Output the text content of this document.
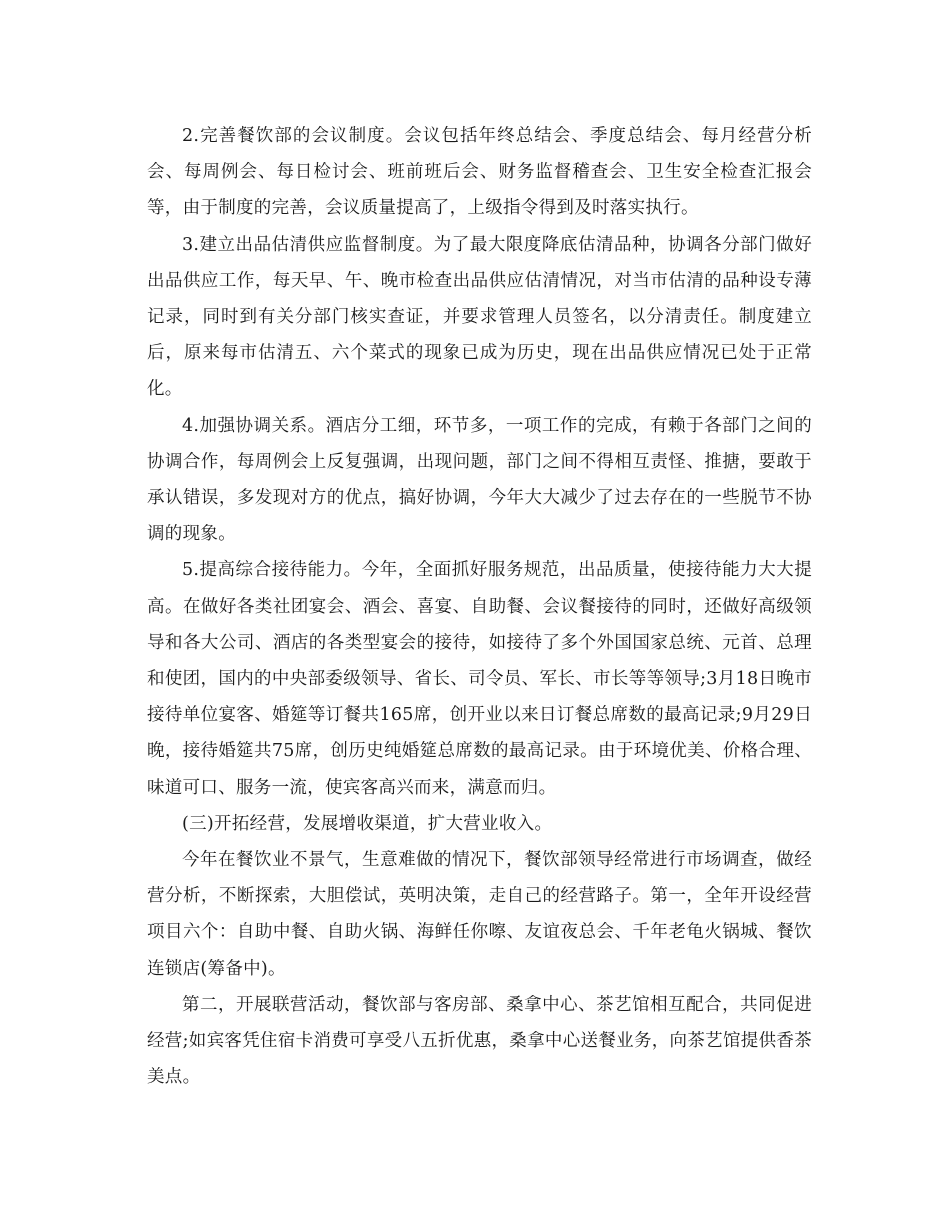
2.完善餐饮部的会议制度。会议包括年终总结会、季度总结会、每月经营分析会、每周例会、每日检讨会、班前班后会、财务监督稽查会、卫生安全检查汇报会等，由于制度的完善，会议质量提高了，上级指令得到及时落实执行。

3.建立出品估清供应监督制度。为了最大限度降底估清品种，协调各分部门做好出品供应工作，每天早、午、晚市检查出品供应估清情况，对当市估清的品种设专薄记录，同时到有关分部门核实查证，并要求管理人员签名，以分清责任。制度建立后，原来每市估清五、六个菜式的现象已成为历史，现在出品供应情况已处于正常化。

4.加强协调关系。酒店分工细，环节多，一项工作的完成，有赖于各部门之间的协调合作，每周例会上反复强调，出现问题，部门之间不得相互责怪、推搪，要敢于承认错误，多发现对方的优点，搞好协调，今年大大减少了过去存在的一些脱节不协调的现象。

5.提高综合接待能力。今年，全面抓好服务规范，出品质量，使接待能力大大提高。在做好各类社团宴会、酒会、喜宴、自助餐、会议餐接待的同时，还做好高级领导和各大公司、酒店的各类型宴会的接待，如接待了多个外国国家总统、元首、总理和使团，国内的中央部委级领导、省长、司令员、军长、市长等等领导;3月18日晚市接待单位宴客、婚筵等订餐共165席，创开业以来日订餐总席数的最高记录;9月29日晚，接待婚筵共75席，创历史纯婚筵总席数的最高记录。由于环境优美、价格合理、味道可口、服务一流，使宾客高兴而来，满意而归。

(三)开拓经营，发展增收渠道，扩大营业收入。

今年在餐饮业不景气，生意难做的情况下，餐饮部领导经常进行市场调查，做经营分析，不断探索，大胆偿试，英明决策，走自己的经营路子。第一，全年开设经营项目六个：自助中餐、自助火锅、海鲜任你嚓、友谊夜总会、千年老龟火锅城、餐饮连锁店(筹备中)。

第二，开展联营活动，餐饮部与客房部、桑拿中心、茶艺馆相互配合，共同促进经营;如宾客凭住宿卡消费可享受八五折优惠，桑拿中心送餐业务，向茶艺馆提供香茶美点。
